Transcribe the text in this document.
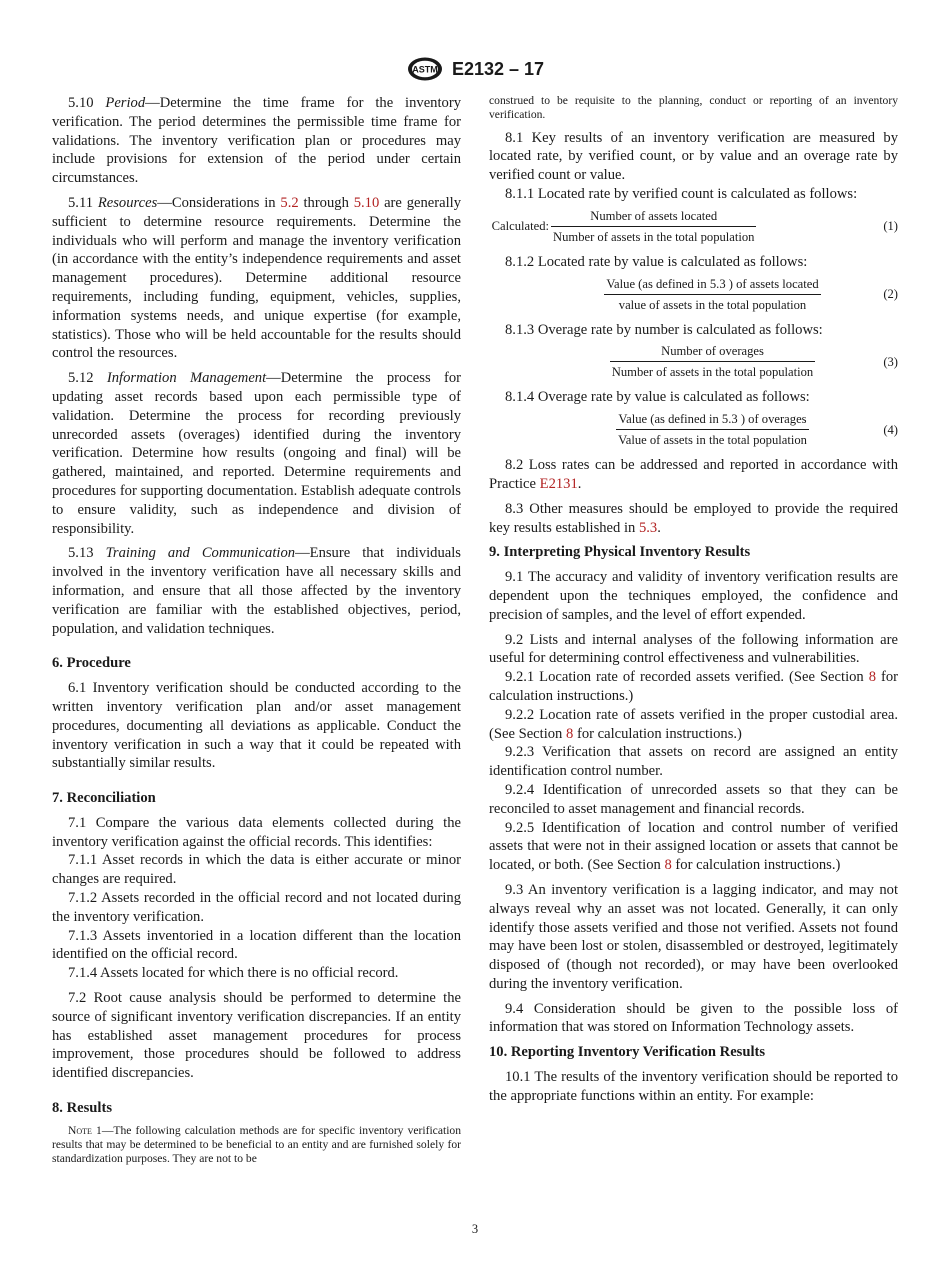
ASTM E2132 – 17

5.10 Period—Determine the time frame for the inventory verification. The period determines the permissible time frame for validations. The inventory verification plan or procedures may include provisions for extension of the period under certain circumstances.

5.11 Resources—Considerations in 5.2 through 5.10 are generally sufficient to determine resource requirements. Determine the individuals who will perform and manage the inventory verification (in accordance with the entity’s independence requirements and asset management procedures). Determine additional resource requirements, including funding, equipment, vehicles, supplies, information systems needs, and unique expertise (for example, statistics). Those who will be held accountable for the results should control the resources.

5.12 Information Management—Determine the process for updating asset records based upon each permissible type of validation. Determine the process for recording previously unrecorded assets (overages) identified during the inventory verification. Determine how results (ongoing and final) will be gathered, maintained, and reported. Determine requirements and procedures for supporting documentation. Establish adequate controls to ensure validity, such as independence and division of responsibility.

5.13 Training and Communication—Ensure that individuals involved in the inventory verification have all necessary skills and information, and ensure that all those affected by the inventory verification are familiar with the established objectives, period, population, and validation techniques.

6. Procedure

6.1 Inventory verification should be conducted according to the written inventory verification plan and/or asset management procedures, documenting all deviations as applicable. Conduct the inventory verification in such a way that it could be repeated with substantially similar results.

7. Reconciliation

7.1 Compare the various data elements collected during the inventory verification against the official records. This identifies:

7.1.1 Asset records in which the data is either accurate or minor changes are required.

7.1.2 Assets recorded in the official record and not located during the inventory verification.

7.1.3 Assets inventoried in a location different than the location identified on the official record.

7.1.4 Assets located for which there is no official record.

7.2 Root cause analysis should be performed to determine the source of significant inventory verification discrepancies. If an entity has established asset management procedures for process improvement, those procedures should be followed to address identified discrepancies.

8. Results

Note 1—The following calculation methods are for specific inventory verification results that may be determined to be beneficial to an entity and are furnished solely for standardization purposes. They are not to be

construed to be requisite to the planning, conduct or reporting of an inventory verification.

8.1 Key results of an inventory verification are measured by located rate, by verified count, or by value and an overage rate by verified count or value.

8.1.1 Located rate by verified count is calculated as follows:

Calculated: $\frac{\text{Number of assets located}}{\text{Number of assets in the total population}}$	(1)

8.1.2 Located rate by value is calculated as follows:

$\frac{\text{Value (as defined in 5.3 ) of assets located}}{\text{value of assets in the total population}}$	(2)

8.1.3 Overage rate by number is calculated as follows:

$\frac{\text{Number of overages}}{\text{Number of assets in the total population}}$	(3)

8.1.4 Overage rate by value is calculated as follows:

$\frac{\text{Value (as defined in 5.3 ) of overages}}{\text{Value of assets in the total population}}$	(4)

8.2 Loss rates can be addressed and reported in accordance with Practice E2131.

8.3 Other measures should be employed to provide the required key results established in 5.3.

9. Interpreting Physical Inventory Results

9.1 The accuracy and validity of inventory verification results are dependent upon the techniques employed, the confidence and precision of samples, and the level of effort expended.

9.2 Lists and internal analyses of the following information are useful for determining control effectiveness and vulnerabilities.

9.2.1 Location rate of recorded assets verified. (See Section 8 for calculation instructions.)

9.2.2 Location rate of assets verified in the proper custodial area. (See Section 8 for calculation instructions.)

9.2.3 Verification that assets on record are assigned an entity identification control number.

9.2.4 Identification of unrecorded assets so that they can be reconciled to asset management and financial records.

9.2.5 Identification of location and control number of verified assets that were not in their assigned location or assets that cannot be located, or both. (See Section 8 for calculation instructions.)

9.3 An inventory verification is a lagging indicator, and may not always reveal why an asset was not located. Generally, it can only identify those assets verified and those not verified. Assets not found may have been lost or stolen, disassembled or destroyed, legitimately disposed of (though not recorded), or may have been overlooked during the inventory verification.

9.4 Consideration should be given to the possible loss of information that was stored on Information Technology assets.

10. Reporting Inventory Verification Results

10.1 The results of the inventory verification should be reported to the appropriate functions within an entity. For example:

3
